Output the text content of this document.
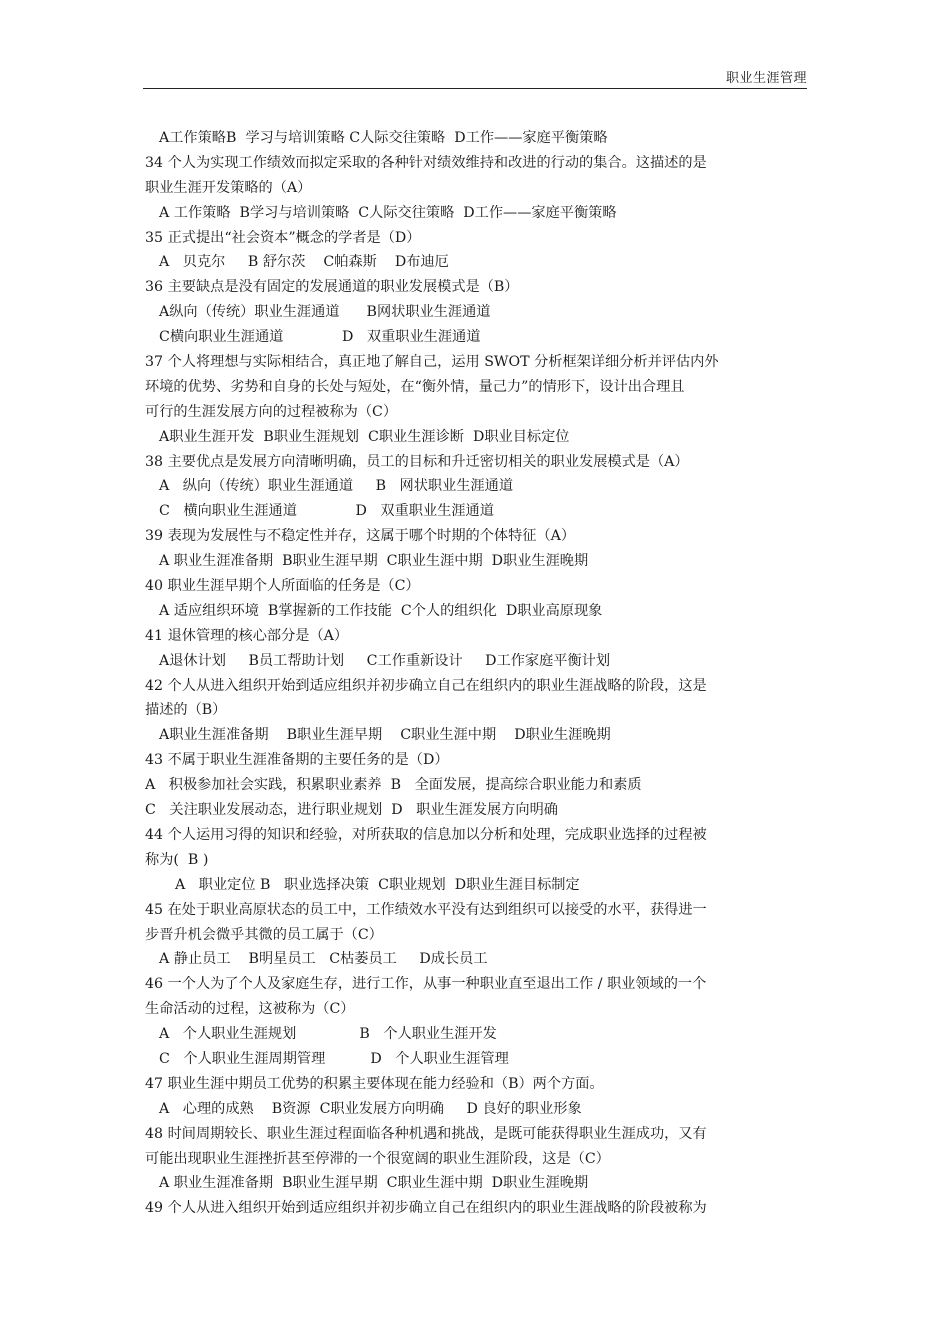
职业生涯管理
A工作策略B  学习与培训策略 C人际交往策略  D工作——家庭平衡策略
34 个人为实现工作绩效而拟定采取的各种针对绩效维持和改进的行动的集合。这描述的是
职业生涯开发策略的（A）
A 工作策略  B学习与培训策略  C人际交往策略  D工作——家庭平衡策略
35 正式提出“社会资本”概念的学者是（D）
A   贝克尔     B 舒尔茨    C帕森斯    D布迪厄
36 主要缺点是没有固定的发展通道的职业发展模式是（B）
A纵向（传统）职业生涯通道      B网状职业生涯通道
C横向职业生涯通道             D   双重职业生涯通道
37 个人将理想与实际相结合，真正地了解自己，运用 SWOT 分析框架详细分析并评估内外
环境的优势、劣势和自身的长处与短处，在“衡外情，量己力”的情形下，设计出合理且
可行的生涯发展方向的过程被称为（C）
A职业生涯开发  B职业生涯规划  C职业生涯诊断  D职业目标定位
38 主要优点是发展方向清晰明确，员工的目标和升迁密切相关的职业发展模式是（A）
A   纵向（传统）职业生涯通道     B   网状职业生涯通道
C   横向职业生涯通道             D   双重职业生涯通道
39 表现为发展性与不稳定性并存，这属于哪个时期的个体特征（A）
A 职业生涯准备期  B职业生涯早期  C职业生涯中期  D职业生涯晚期
40 职业生涯早期个人所面临的任务是（C）
A 适应组织环境  B掌握新的工作技能  C个人的组织化  D职业高原现象
41 退休管理的核心部分是（A）
A退休计划     B员工帮助计划     C工作重新设计     D工作家庭平衡计划
42 个人从进入组织开始到适应组织并初步确立自己在组织内的职业生涯战略的阶段，这是
描述的（B）
A职业生涯准备期    B职业生涯早期    C职业生涯中期    D职业生涯晚期
43 不属于职业生涯准备期的主要任务的是（D）
A   积极参加社会实践，积累职业素养  B   全面发展，提高综合职业能力和素质
C   关注职业发展动态，进行职业规划  D   职业生涯发展方向明确
44 个人运用习得的知识和经验，对所获取的信息加以分析和处理，完成职业选择的过程被
称为(  B )
A   职业定位 B   职业选择决策  C职业规划  D职业生涯目标制定
45 在处于职业高原状态的员工中，工作绩效水平没有达到组织可以接受的水平，获得进一
步晋升机会微乎其微的员工属于（C）
A 静止员工    B明星员工   C枯萎员工     D成长员工
46 一个人为了个人及家庭生存，进行工作，从事一种职业直至退出工作 / 职业领域的一个
生命活动的过程，这被称为（C）
A   个人职业生涯规划              B   个人职业生涯开发
C   个人职业生涯周期管理          D   个人职业生涯管理
47 职业生涯中期员工优势的积累主要体现在能力经验和（B）两个方面。
A   心理的成熟    B资源  C职业发展方向明确     D 良好的职业形象
48 时间周期较长、职业生涯过程面临各种机遇和挑战，是既可能获得职业生涯成功，又有
可能出现职业生涯挫折甚至停滞的一个很宽阔的职业生涯阶段，这是（C）
A 职业生涯准备期  B职业生涯早期  C职业生涯中期  D职业生涯晚期
49 个人从进入组织开始到适应组织并初步确立自己在组织内的职业生涯战略的阶段被称为
